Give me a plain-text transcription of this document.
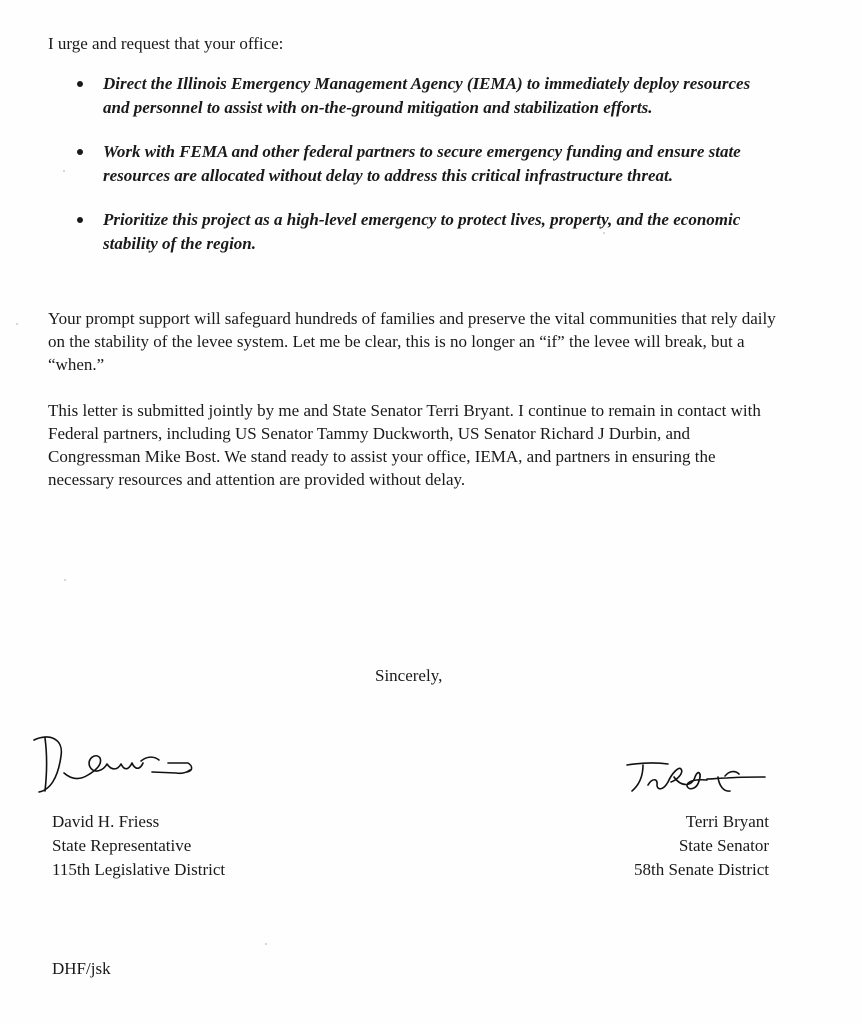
I urge and request that your office:

Direct the Illinois Emergency Management Agency (IEMA) to immediately deploy resources and personnel to assist with on-the-ground mitigation and stabilization efforts.
Work with FEMA and other federal partners to secure emergency funding and ensure state resources are allocated without delay to address this critical infrastructure threat.
Prioritize this project as a high-level emergency to protect lives, property, and the economic stability of the region.

Your prompt support will safeguard hundreds of families and preserve the vital communities that rely daily on the stability of the levee system. Let me be clear, this is no longer an “if” the levee will break, but a “when.”

This letter is submitted jointly by me and State Senator Terri Bryant. I continue to remain in contact with Federal partners, including US Senator Tammy Duckworth, US Senator Richard J Durbin, and Congressman Mike Bost. We stand ready to assist your office, IEMA, and partners in ensuring the necessary resources and attention are provided without delay.

Sincerely,

David H. Friess
State Representative
115th Legislative District
Terri Bryant
State Senator
58th Senate District

DHF/jsk
